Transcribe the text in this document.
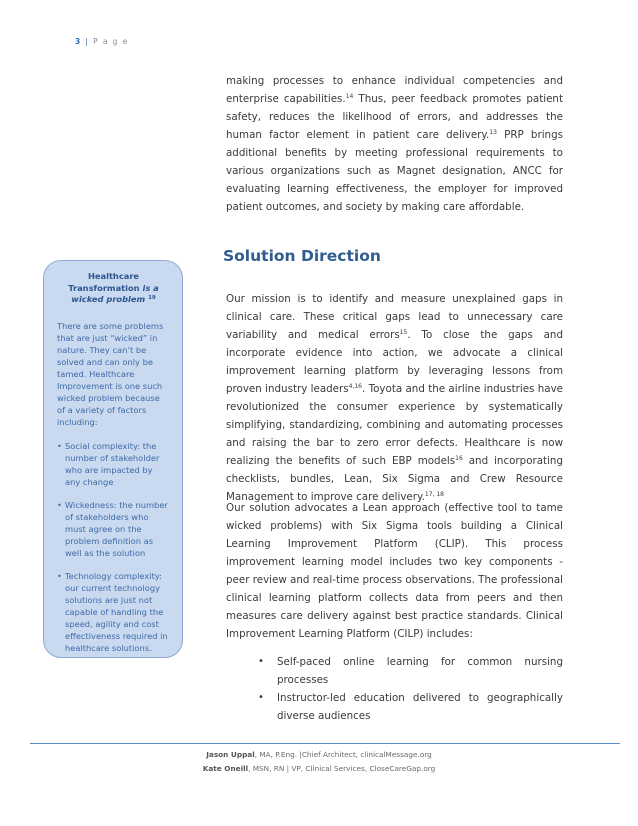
3 | P a g e

making processes to enhance individual competencies and enterprise capabilities.$^{14}$ Thus, peer feedback promotes patient safety, reduces the likelihood of errors, and addresses the human factor element in patient care delivery.$^{13}$ PRP brings additional benefits by meeting professional requirements to various organizations such as Magnet designation, ANCC for evaluating learning effectiveness, the employer for improved patient outcomes, and society by making care affordable.

Solution Direction

Our mission is to identify and measure unexplained gaps in clinical care. These critical gaps lead to unnecessary care variability and medical errors$^{15}$. To close the gaps and incorporate evidence into action, we advocate a clinical improvement learning platform by leveraging lessons from proven industry leaders$^{4,16}$. Toyota and the airline industries have revolutionized the consumer experience by systematically simplifying, standardizing, combining and automating processes and raising the bar to zero error defects. Healthcare is now realizing the benefits of such EBP models$^{16}$ and incorporating checklists, bundles, Lean, Six Sigma and Crew Resource Management to improve care delivery.$^{17, 18}$

Our solution advocates a Lean approach (effective tool to tame wicked problems) with Six Sigma tools building a Clinical Learning Improvement Platform (CLIP). This process improvement learning model includes two key components - peer review and real-time process observations. The professional clinical learning platform collects data from peers and then measures care delivery against best practice standards. Clinical Improvement Learning Platform (CILP) includes:

• Self-paced online learning for common nursing processes
• Instructor-led education delivered to geographically diverse audiences
Healthcare Transformation is a wicked problem $^{19}$

There are some problems that are just “wicked” in nature. They can’t be solved and can only be tamed. Healthcare Improvement is one such wicked problem because of a variety of factors including:

• Social complexity: the number of stakeholder who are impacted by any change
• Wickedness: the number of stakeholders who must agree on the problem definition as well as the solution
• Technology complexity: our current technology solutions are just not capable of handling the speed, agility and cost effectiveness required in healthcare solutions.
Jason Uppal, MA, P.Eng. |Chief Architect, clinicalMessage.org
Kate Oneill, MSN, RN | VP, Clinical Services, CloseCareGap.org
